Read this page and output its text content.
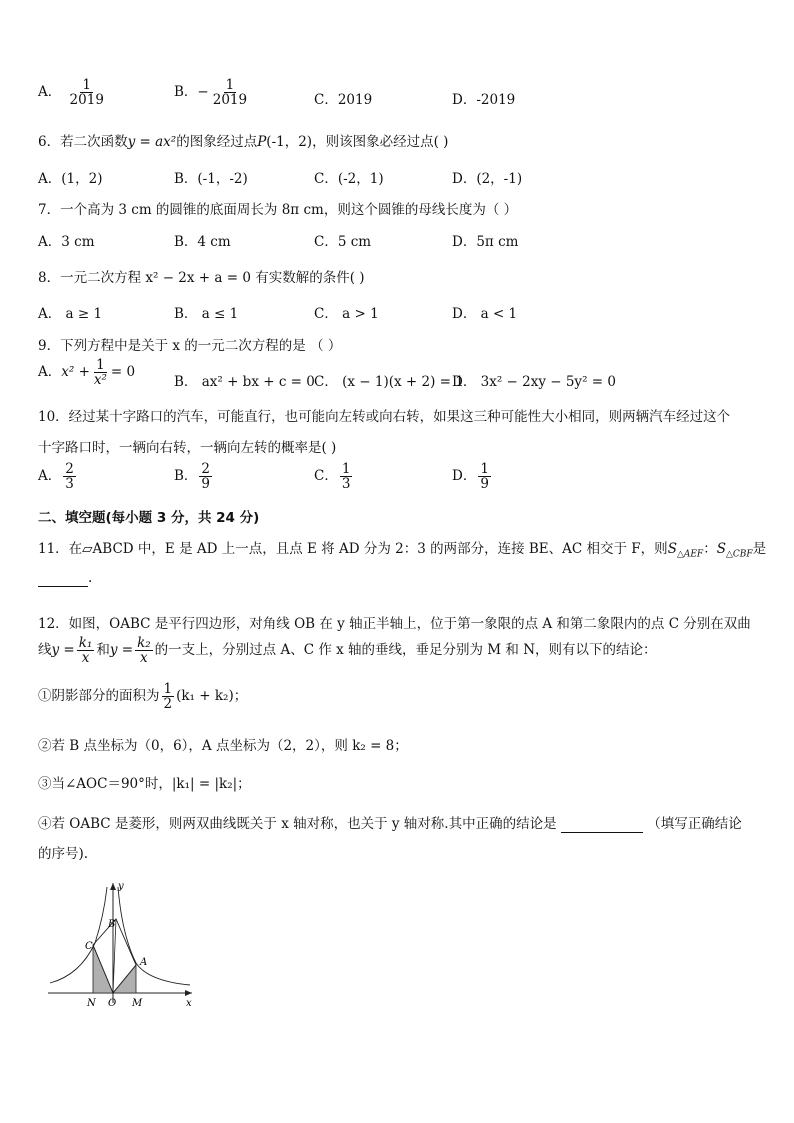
A． $\frac{1}{2019}$	B．− $\frac{1}{2019}$	C．2019	D．-2019
6．若二次函数y = ax²的图象经过点P(-1，2)，则该图象必经过点( )
A．(1，2)	B．(-1，-2)	C．(-2，1)	D．(2，-1)
7．一个高为 3 cm 的圆锥的底面周长为 8π cm，则这个圆锥的母线长度为（ ）
A．3 cm	B．4 cm	C．5 cm	D．5π cm
8．一元二次方程 x² − 2x + a = 0 有实数解的条件( )
A． a ≥ 1	B． a ≤ 1	C． a > 1	D． a < 1
9．下列方程中是关于 x 的一元二次方程的是 （ ）
A．$x^2 + \frac{1}{\text{x²}} = 0$
B． ax² + bx + c = 0 C． (x − 1)(x + 2) = 1
D． 3x² − 2xy − 5y² = 0
10．经过某十字路口的汽车，可能直行，也可能向左转或向右转，如果这三种可能性大小相同，则两辆汽车经过这个
十字路口时，一辆向右转，一辆向左转的概率是( )
A． $\frac{2}{3}$	B． $\frac{2}{9}$	C． $\frac{1}{3}$	D． $\frac{1}{9}$
二、填空题(每小题 3 分，共 24 分)
11．在▱ABCD 中，E 是 AD 上一点，且点 E 将 AD 分为 2：3 的两部分，连接 BE、AC 相交于 F，则$S_{\triangle AEF}$：$S_{\triangle CBF}$是
.
12．如图，OABC 是平行四边形，对角线 OB 在 y 轴正半轴上，位于第一象限的点 A 和第二象限内的点 C 分别在双曲
线$y = \frac{\text{k₁}}{x}$ 和$y = \frac{\text{k₂}}{x}$ 的一支上，分别过点 A、C 作 x 轴的垂线，垂足分别为 M 和 N，则有以下的结论：
①阴影部分的面积为 $\frac{1}{2} (k_1 + k_2)$；
②若 B 点坐标为（0，6），A 点坐标为（2，2），则 k₂ = 8；
③当∠AOC＝90°时，|k₁| = |k₂|；
④若 OABC 是菱形，则两双曲线既关于 x 轴对称，也关于 y 轴对称.其中正确的结论是	（填写正确结论
的序号).
y
x
B
C
A
N O M
